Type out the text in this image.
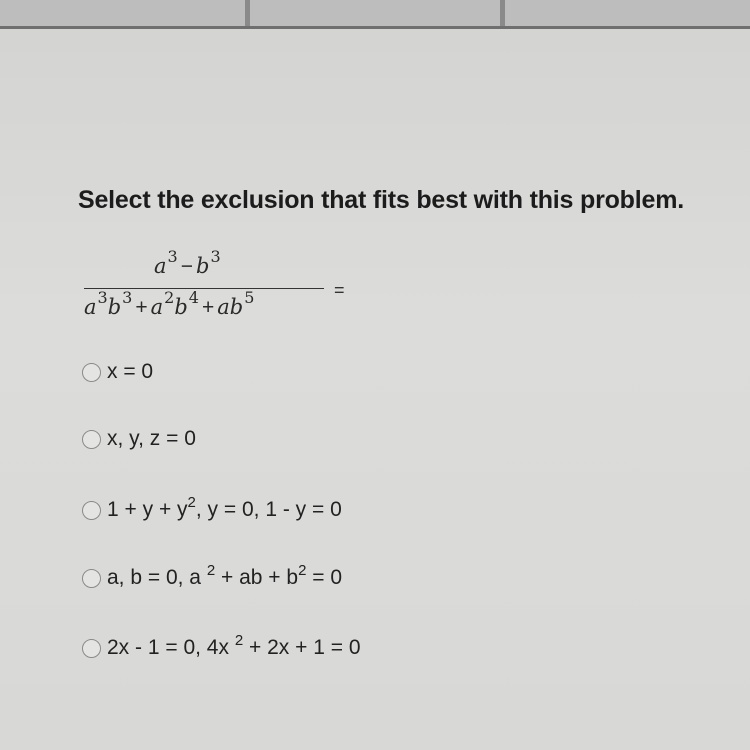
Select the exclusion that fits best with this problem.
$a^3 - b^3$
$a^3b^3 + a^2b^4 + ab^5$	=
x = 0
x, y, z = 0
$1 + y + y^2$, y = 0, 1 - y = 0
a, b = 0, a $^2$ + ab + $b^2 = 0$
2x - 1 = 0, 4x $^2$ + 2x + 1 = 0
